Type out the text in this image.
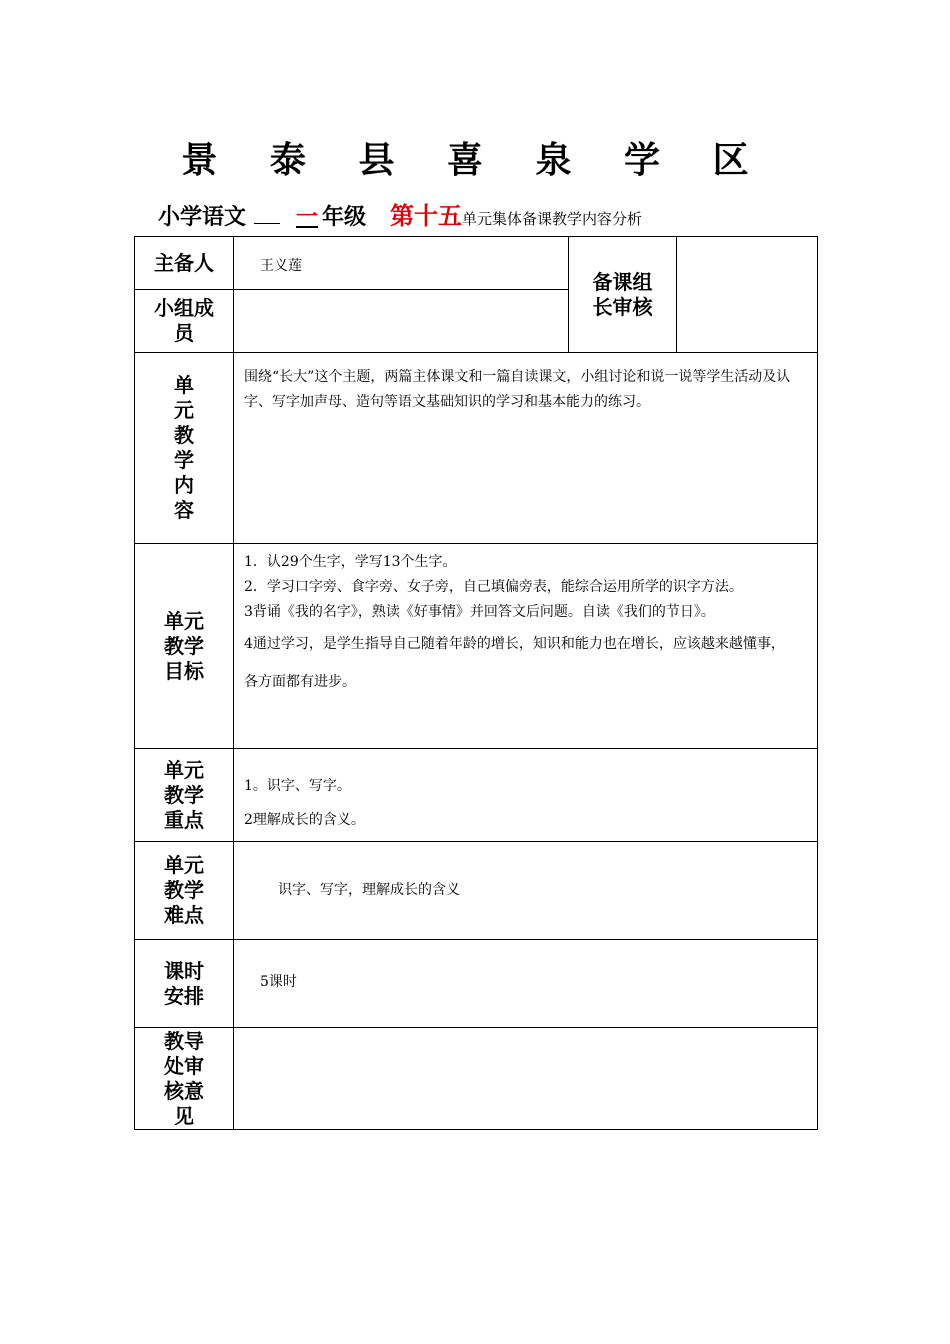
景 泰 县 喜 泉 学 区
小学语文 一 年级 第十五单元集体备课教学内容分析
主备人	王义莲	备课组长审核	
小组成员			
单元教学内容	围绕“长大”这个主题，两篇主体课文和一篇自读课文，小组讨论和说一说等学生活动及认字、写字加声母、造句等语文基础知识的学习和基本能力的练习。		
单元教学目标	1．认29个生字，学写13个生字。

2．学习口字旁、食字旁、女子旁，自己填偏旁表，能综合运用所学的识字方法。

3背诵《我的名字》，熟读《好事情》并回答文后问题。自读《我们的节日》。

4通过学习，是学生指导自己随着年龄的增长，知识和能力也在增长，应该越来越懂事，各方面都有进步。		

单元教学重点	1。识字、写字。

2理解成长的含义。		

单元教学难点	识字、写字，理解成长的含义		
课时安排	5课时		
教导处审核意见			
